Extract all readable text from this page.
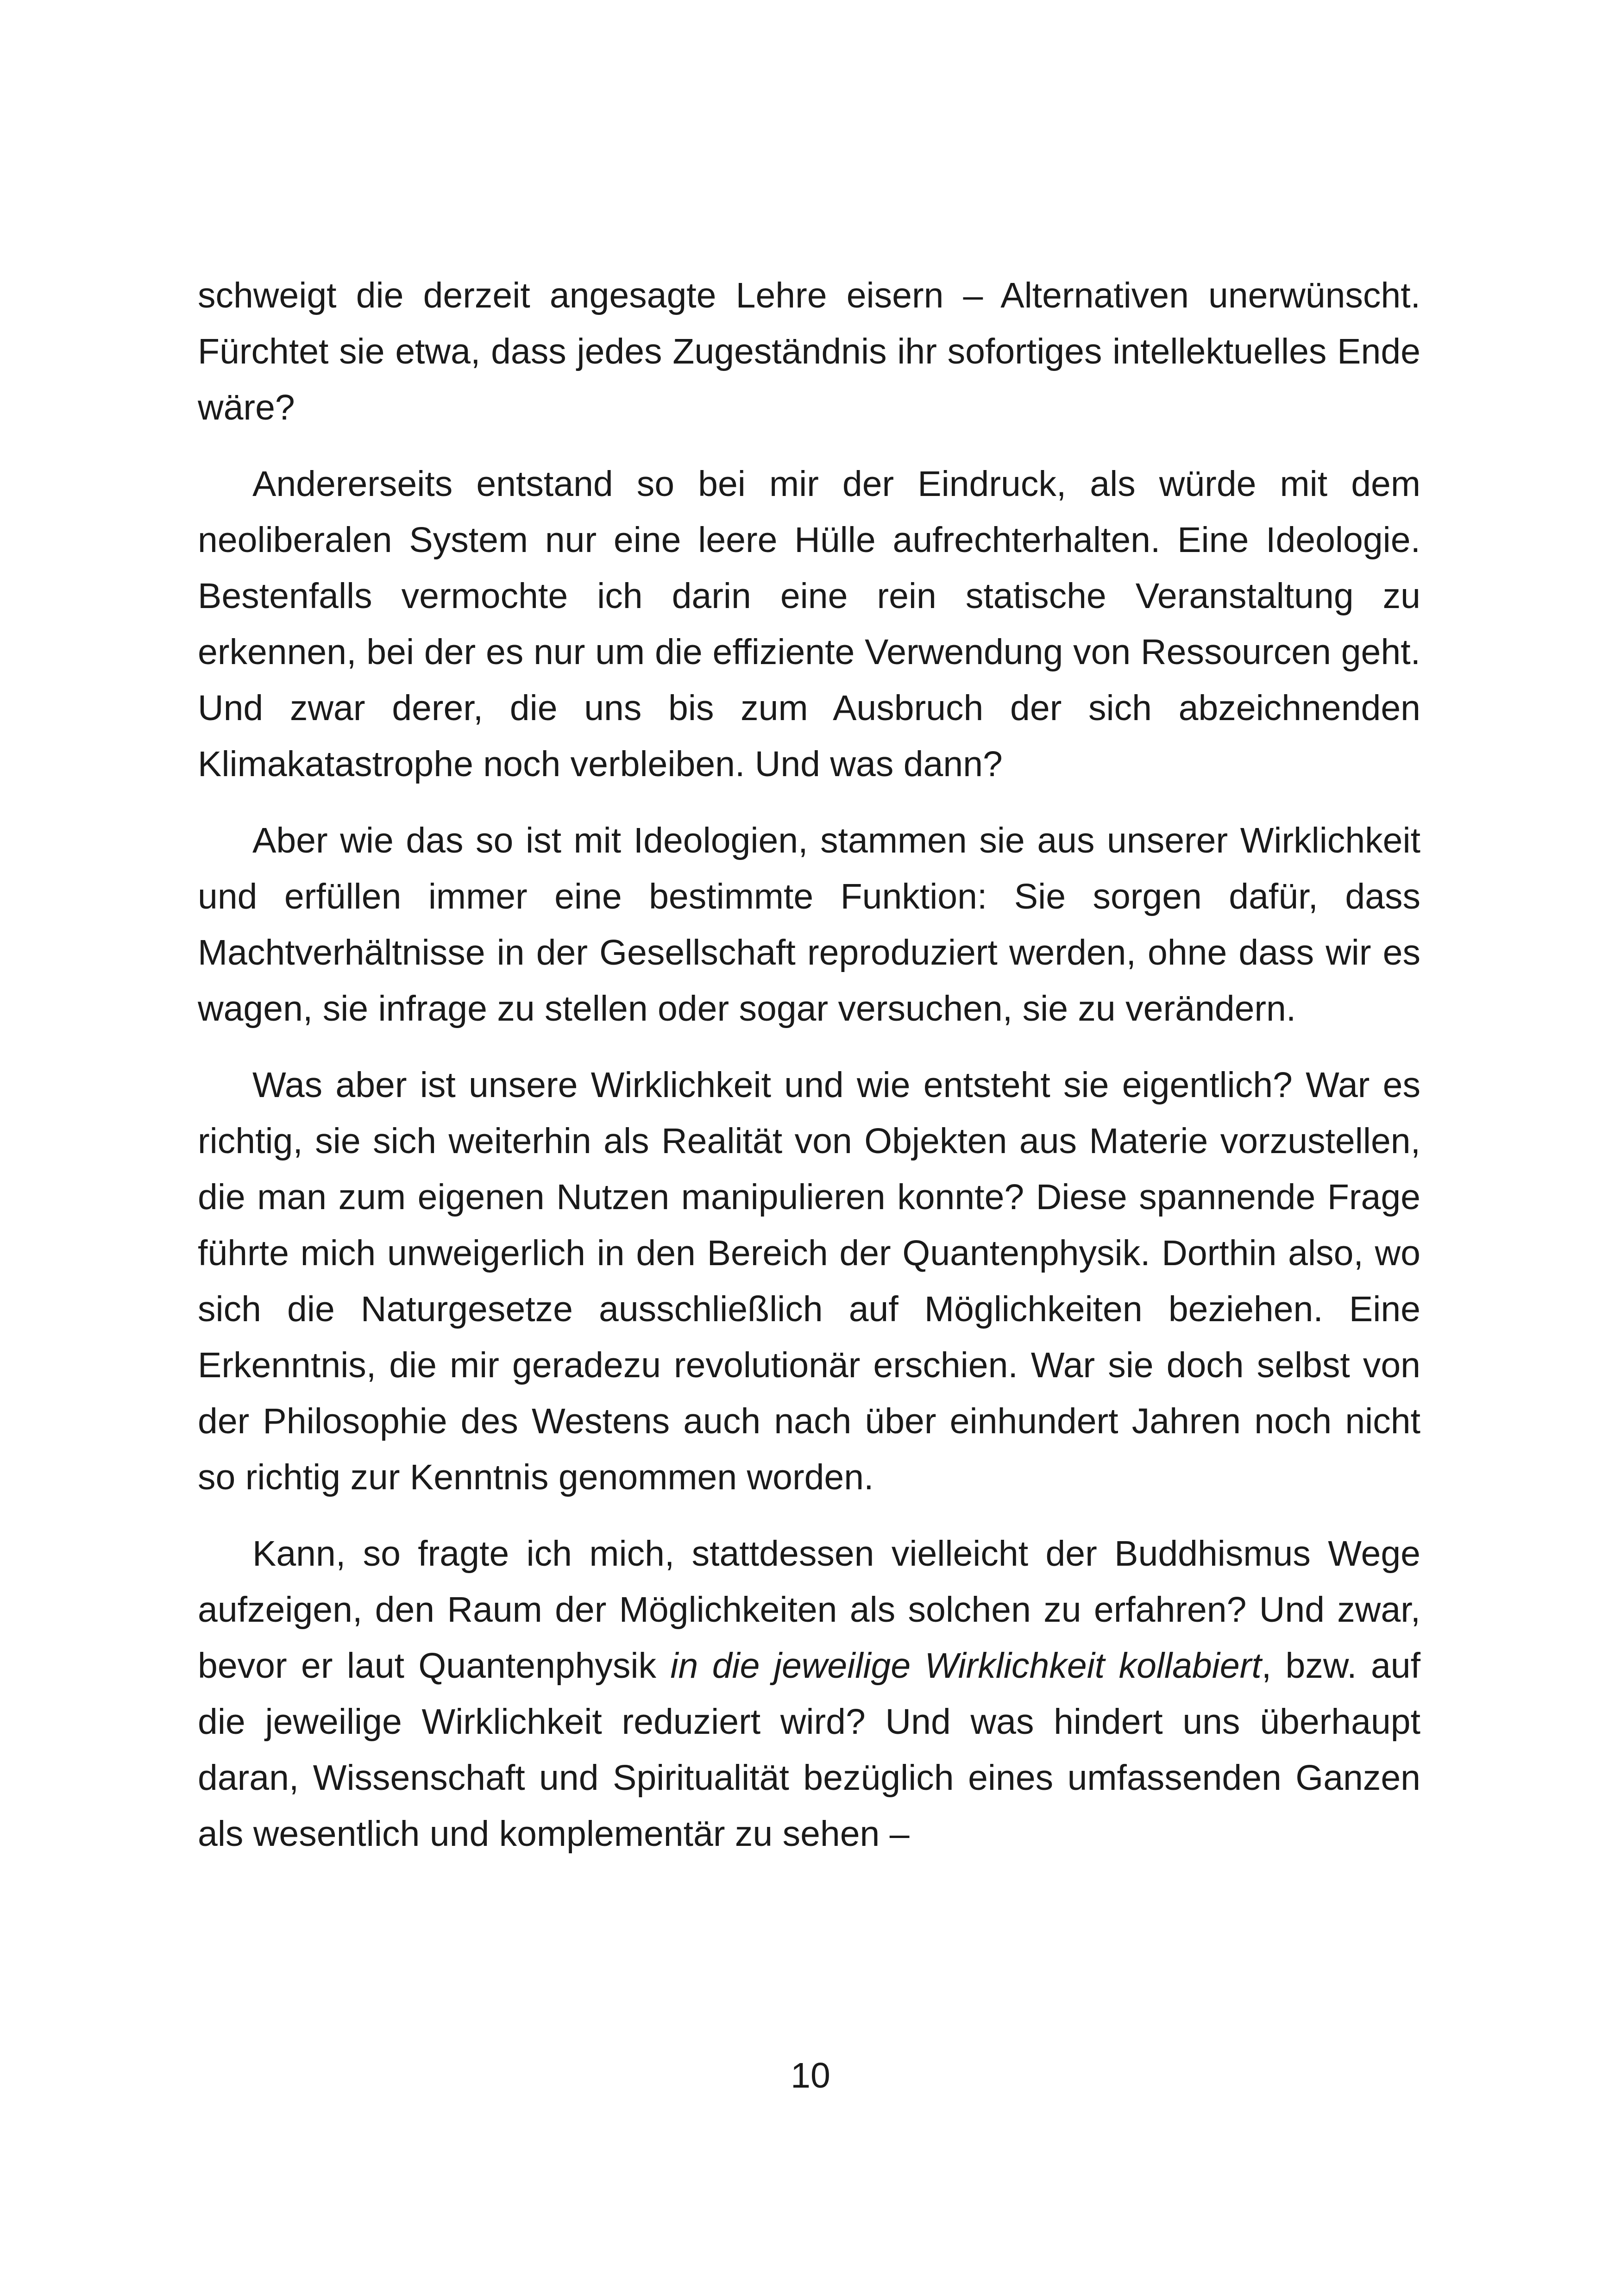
schweigt die derzeit angesagte Lehre eisern – Alternativen unerwünscht. Fürchtet sie etwa, dass jedes Zugeständnis ihr sofortiges intellektuelles Ende wäre?

Andererseits entstand so bei mir der Eindruck, als würde mit dem neoliberalen System nur eine leere Hülle aufrechterhalten. Eine Ideologie. Bestenfalls vermochte ich darin eine rein statische Veranstaltung zu erkennen, bei der es nur um die effiziente Verwendung von Ressourcen geht. Und zwar derer, die uns bis zum Ausbruch der sich abzeichnenden Klimakatastrophe noch verbleiben. Und was dann?

Aber wie das so ist mit Ideologien, stammen sie aus unserer Wirklichkeit und erfüllen immer eine bestimmte Funktion: Sie sorgen dafür, dass Machtverhältnisse in der Gesellschaft reproduziert werden, ohne dass wir es wagen, sie infrage zu stellen oder sogar versuchen, sie zu verändern.

Was aber ist unsere Wirklichkeit und wie entsteht sie eigentlich? War es richtig, sie sich weiterhin als Realität von Objekten aus Materie vorzustellen, die man zum eigenen Nutzen manipulieren konnte? Diese spannende Frage führte mich unweigerlich in den Bereich der Quantenphysik. Dorthin also, wo sich die Naturgesetze ausschließlich auf Möglichkeiten beziehen. Eine Erkenntnis, die mir geradezu revolutionär erschien. War sie doch selbst von der Philosophie des Westens auch nach über einhundert Jahren noch nicht so richtig zur Kenntnis genommen worden.

Kann, so fragte ich mich, stattdessen vielleicht der Buddhismus Wege aufzeigen, den Raum der Möglichkeiten als solchen zu erfahren? Und zwar, bevor er laut Quantenphysik in die jeweilige Wirklichkeit kollabiert, bzw. auf die jeweilige Wirklichkeit reduziert wird? Und was hindert uns überhaupt daran, Wissenschaft und Spiritualität bezüglich eines umfassenden Ganzen als wesentlich und komplementär zu sehen –

10
